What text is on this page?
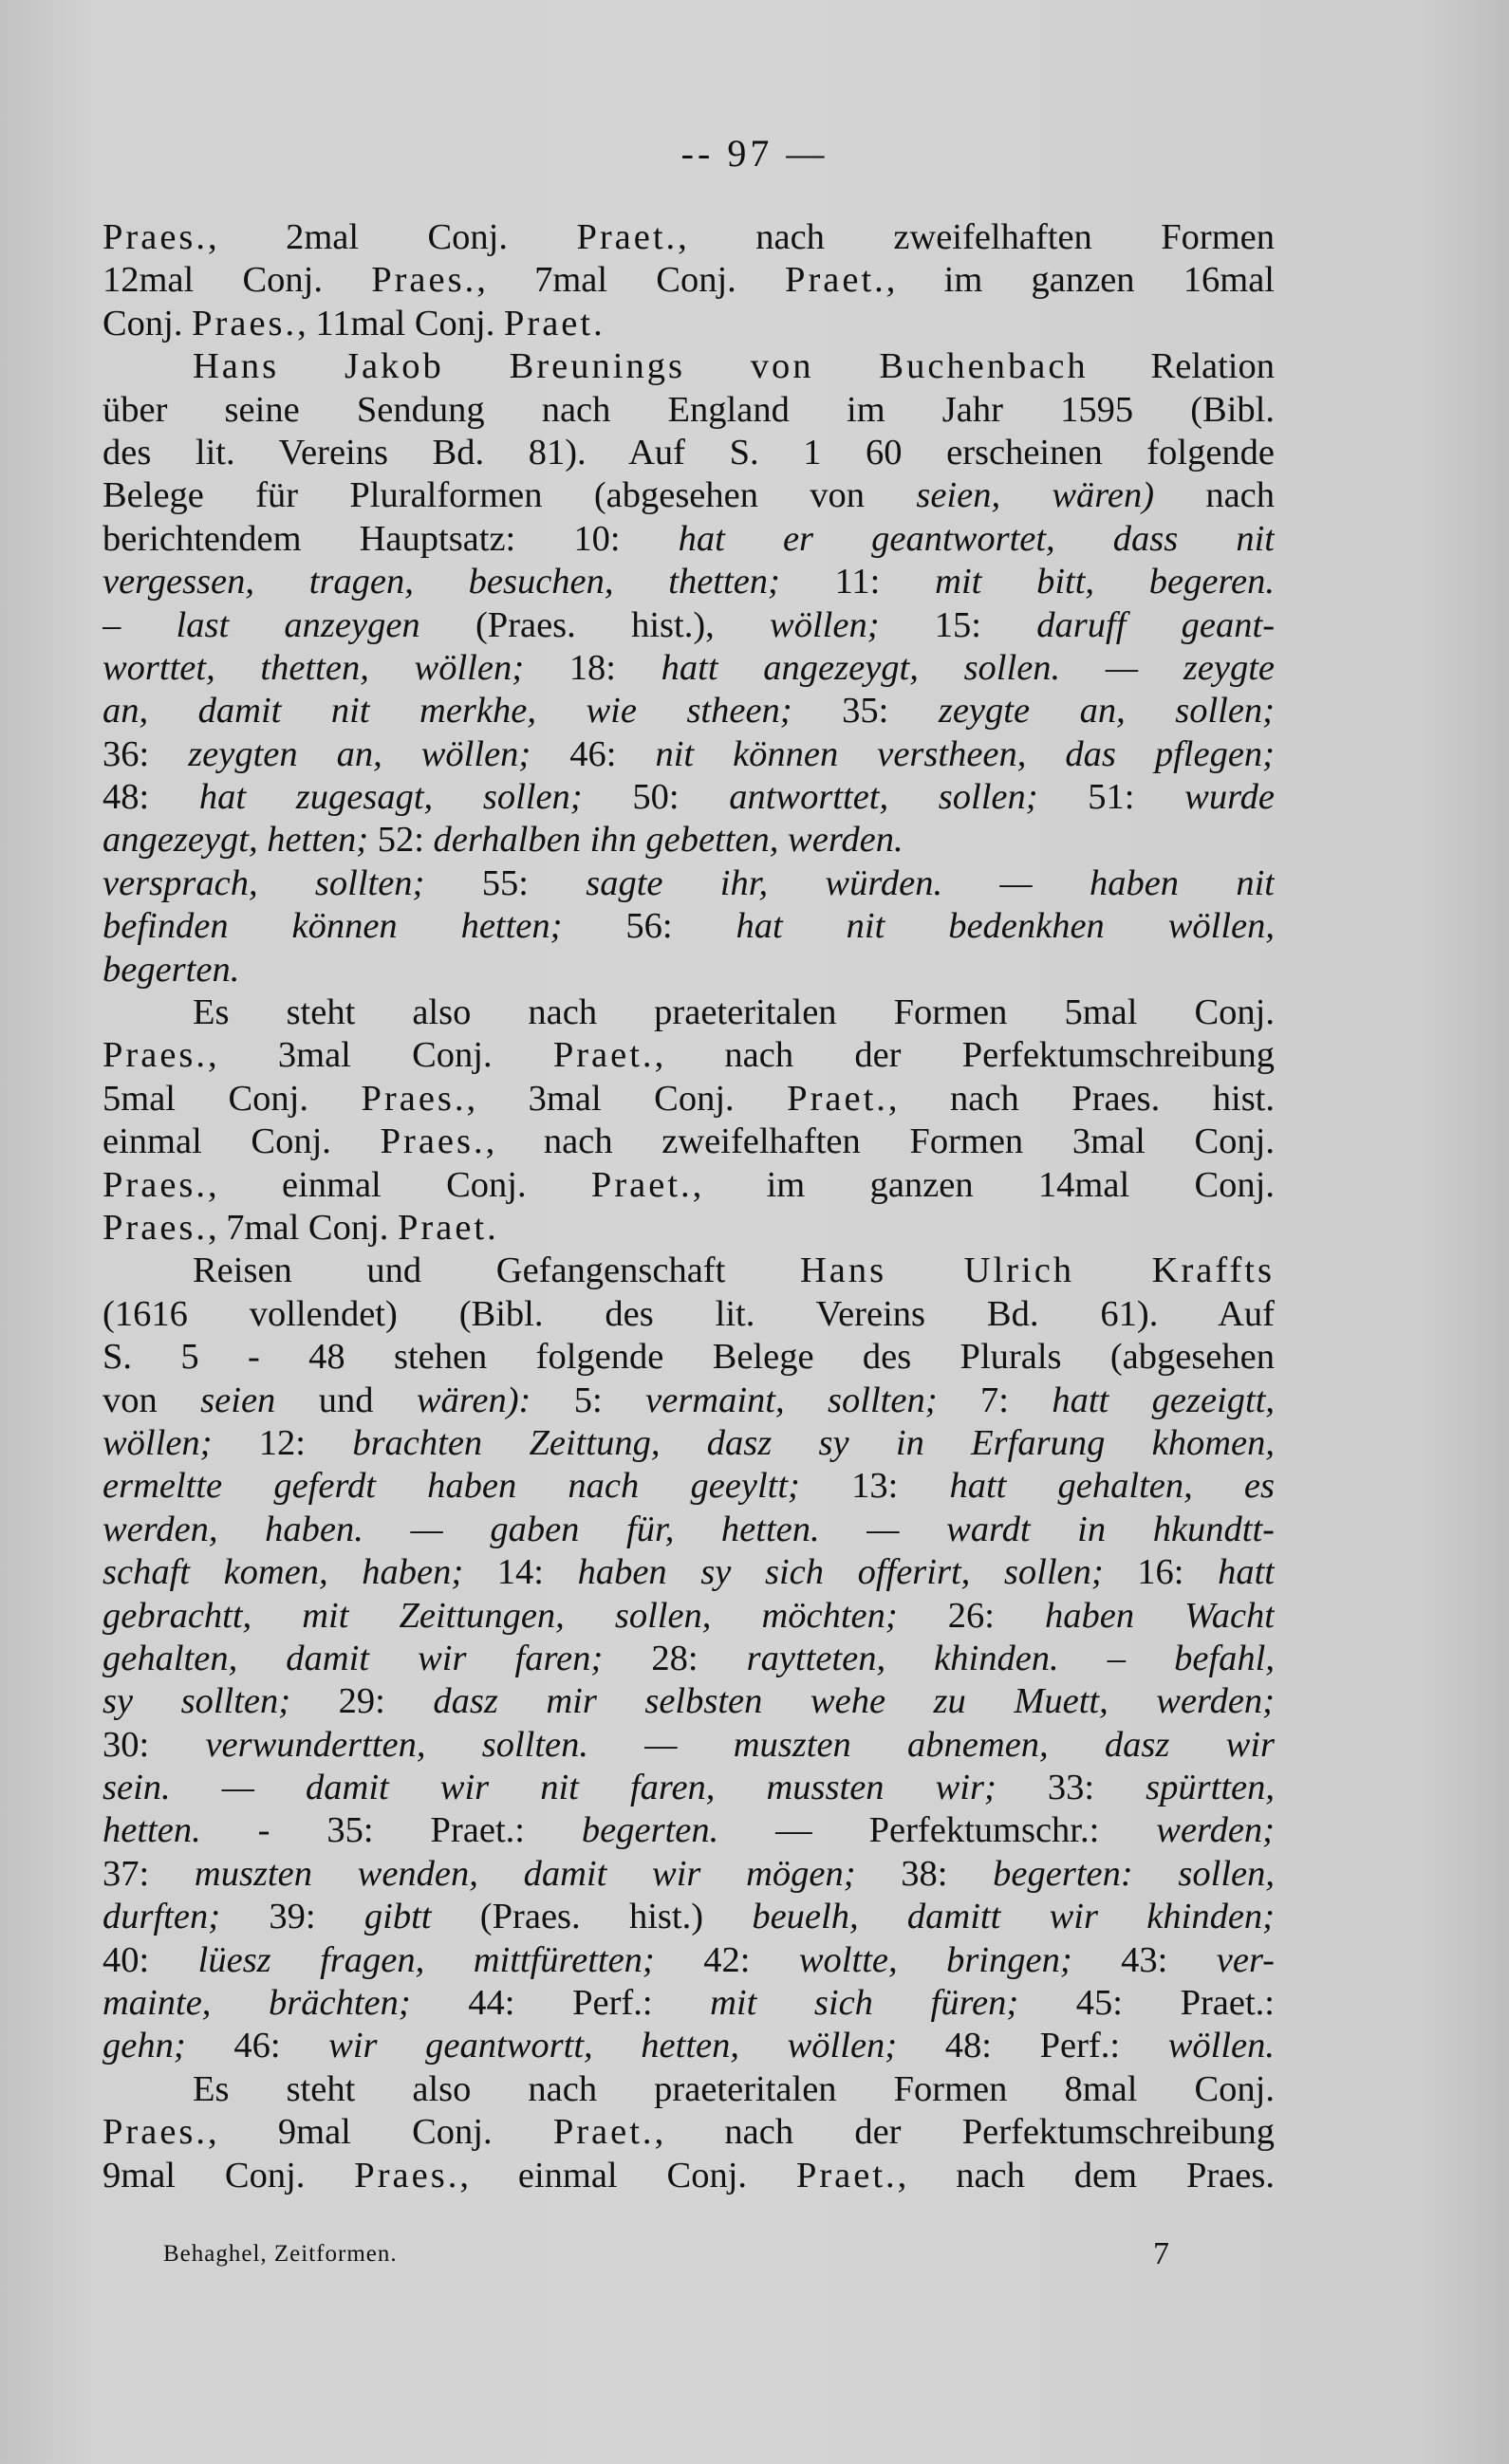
-- 97 —
Praes., 2mal Conj. Praet., nach zweifelhaften Formen
12mal Conj. Praes., 7mal Conj. Praet., im ganzen 16mal
Conj. Praes., 11mal Conj. Praet.
Hans Jakob Breunings von Buchenbach Relation
über seine Sendung nach England im Jahr 1595 (Bibl.
des lit. Vereins Bd. 81). Auf S. 1 60 erscheinen folgende
Belege für Pluralformen (abgesehen von seien, wären) nach
berichtendem Hauptsatz: 10: hat er geantwortet, dass nit
vergessen, tragen, besuchen, thetten; 11: mit bitt, begeren.
– last anzeygen (Praes. hist.), wöllen; 15: daruff geant-
worttet, thetten, wöllen; 18: hatt angezeygt, sollen. — zeygte
an, damit nit merkhe, wie stheen; 35: zeygte an, sollen;
36: zeygten an, wöllen; 46: nit können verstheen, das pflegen;
48: hat zugesagt, sollen; 50: antworttet, sollen; 51: wurde
angezeygt, hetten; 52: derhalben ihn gebetten, werden.
versprach, sollten; 55: sagte ihr, würden. — haben nit
befinden können hetten; 56: hat nit bedenkhen wöllen,
begerten.
Es steht also nach praeteritalen Formen 5mal Conj.
Praes., 3mal Conj. Praet., nach der Perfektumschreibung
5mal Conj. Praes., 3mal Conj. Praet., nach Praes. hist.
einmal Conj. Praes., nach zweifelhaften Formen 3mal Conj.
Praes., einmal Conj. Praet., im ganzen 14mal Conj.
Praes., 7mal Conj. Praet.
Reisen und Gefangenschaft Hans Ulrich Kraffts
(1616 vollendet) (Bibl. des lit. Vereins Bd. 61). Auf
S. 5 - 48 stehen folgende Belege des Plurals (abgesehen
von seien und wären): 5: vermaint, sollten; 7: hatt gezeigtt,
wöllen; 12: brachten Zeittung, dasz sy in Erfarung khomen,
ermeltte geferdt haben nach geeyltt; 13: hatt gehalten, es
werden, haben. — gaben für, hetten. — wardt in hkundtt-
schaft komen, haben; 14: haben sy sich offerirt, sollen; 16: hatt
gebrachtt, mit Zeittungen, sollen, möchten; 26: haben Wacht
gehalten, damit wir faren; 28: raytteten, khinden. – befahl,
sy sollten; 29: dasz mir selbsten wehe zu Muett, werden;
30: verwundertten, sollten. — muszten abnemen, dasz wir
sein. — damit wir nit faren, mussten wir; 33: spürtten,
hetten. - 35: Praet.: begerten. — Perfektumschr.: werden;
37: muszten wenden, damit wir mögen; 38: begerten: sollen,
durften; 39: gibtt (Praes. hist.) beuelh, damitt wir khinden;
40: lüesz fragen, mittfüretten; 42: woltte, bringen; 43: ver-
mainte, brächten; 44: Perf.: mit sich füren; 45: Praet.:
gehn; 46: wir geantwortt, hetten, wöllen; 48: Perf.: wöllen.
Es steht also nach praeteritalen Formen 8mal Conj.
Praes., 9mal Conj. Praet., nach der Perfektumschreibung
9mal Conj. Praes., einmal Conj. Praet., nach dem Praes.
Behaghel, Zeitformen.	7
